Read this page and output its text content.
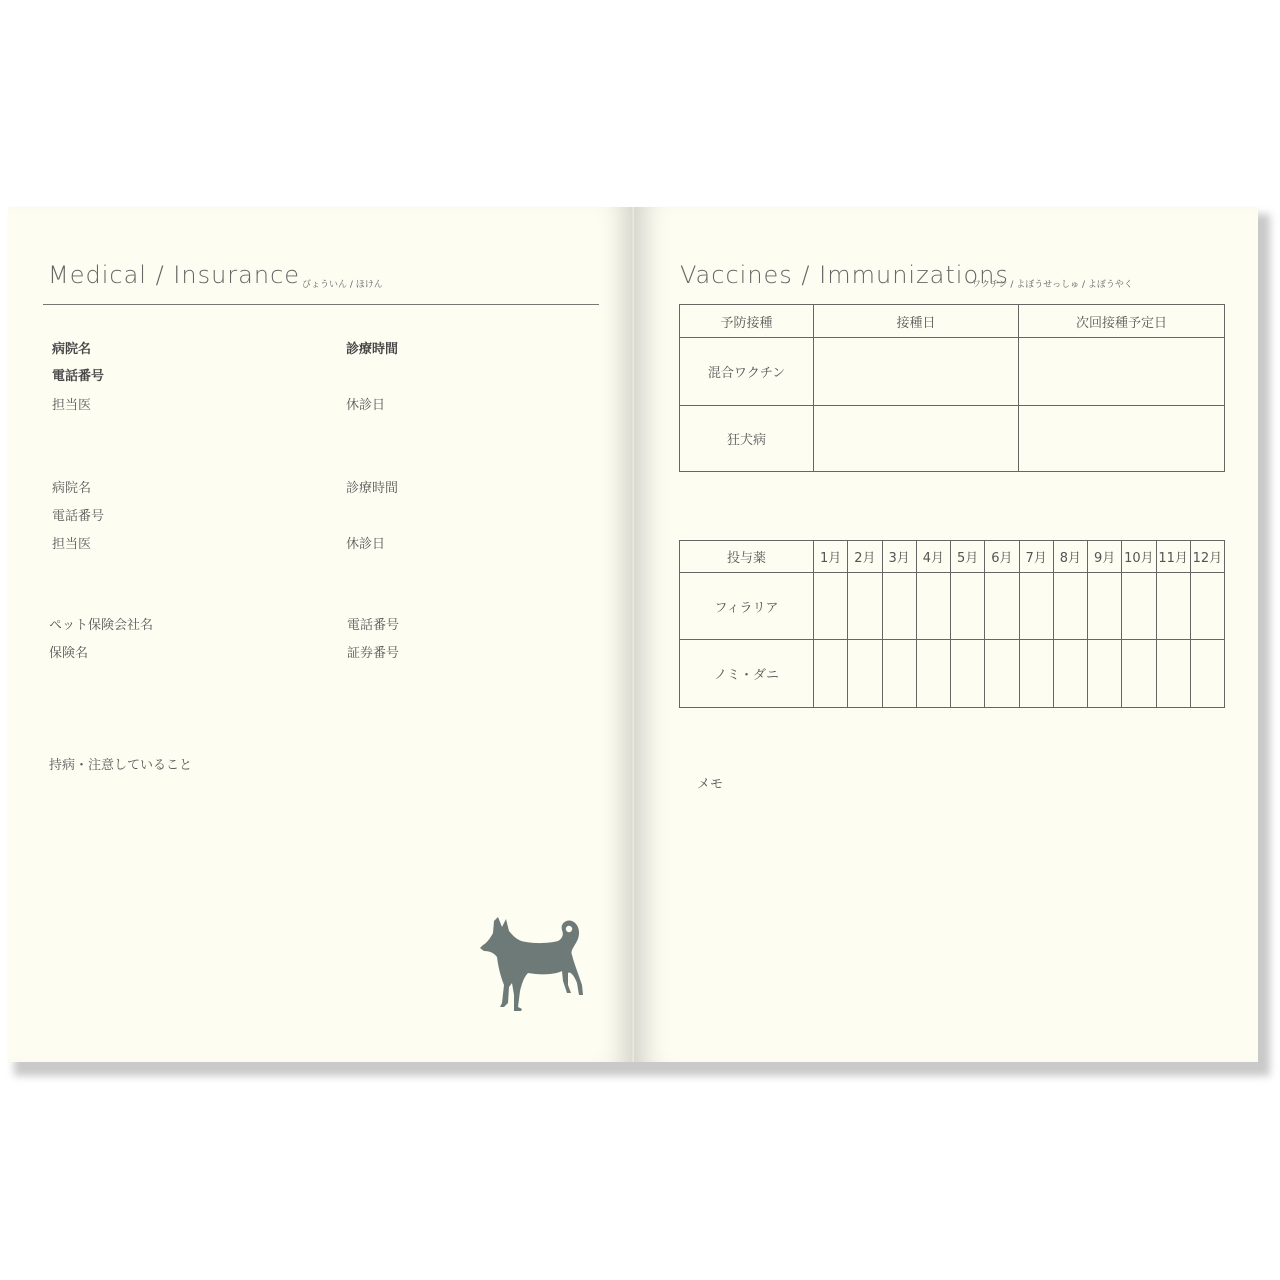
Medical / Insurance びょういん / ほけん
病院名	診療時間
電話番号
担当医	休診日
病院名	診療時間
電話番号
担当医	休診日
ペット保険会社名	電話番号
保険名	証券番号
持病・注意していること
Vaccines / Immunizations
ワクチン / よぼうせっしゅ / よぼうやく
予防接種	接種日	次回接種予定日
混合ワクチン		
狂犬病		
投与薬	1月	2月	3月	4月	5月	6月	7月	8月	9月	10月	11月	12月
フィラリア												
ノミ・ダニ												
メモ
